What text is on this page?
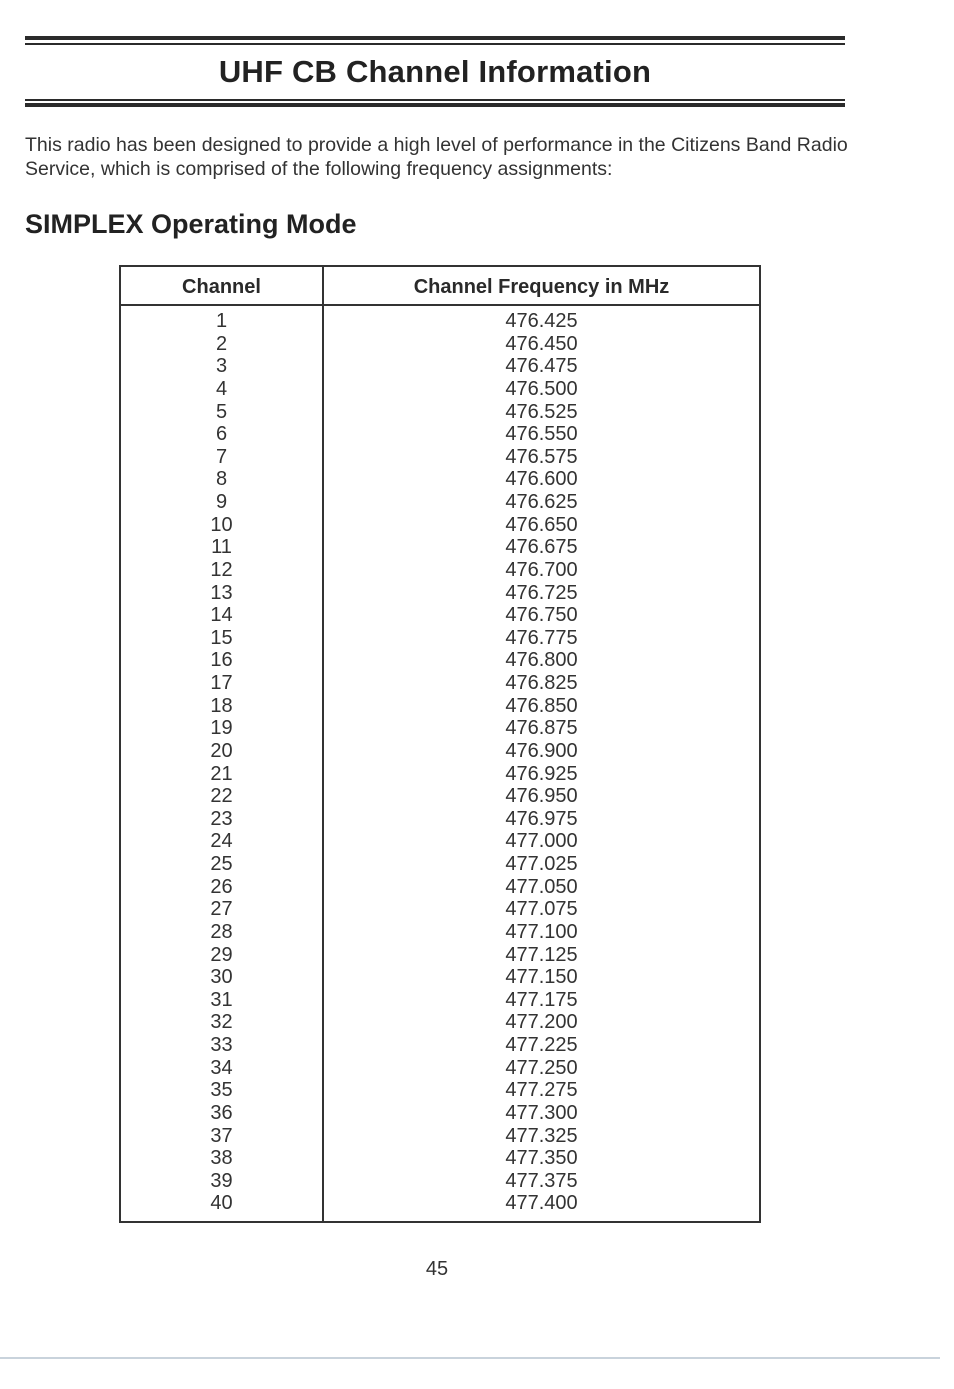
UHF CB Channel Information
This radio has been designed to provide a high level of performance in the Citizens Band Radio Service, which is comprised of the following frequency assignments:
SIMPLEX Operating Mode
Channel	Channel Frequency in MHz
1	476.425
2	476.450
3	476.475
4	476.500
5	476.525
6	476.550
7	476.575
8	476.600
9	476.625
10	476.650
11	476.675
12	476.700
13	476.725
14	476.750
15	476.775
16	476.800
17	476.825
18	476.850
19	476.875
20	476.900
21	476.925
22	476.950
23	476.975
24	477.000
25	477.025
26	477.050
27	477.075
28	477.100
29	477.125
30	477.150
31	477.175
32	477.200
33	477.225
34	477.250
35	477.275
36	477.300
37	477.325
38	477.350
39	477.375
40	477.400
45
